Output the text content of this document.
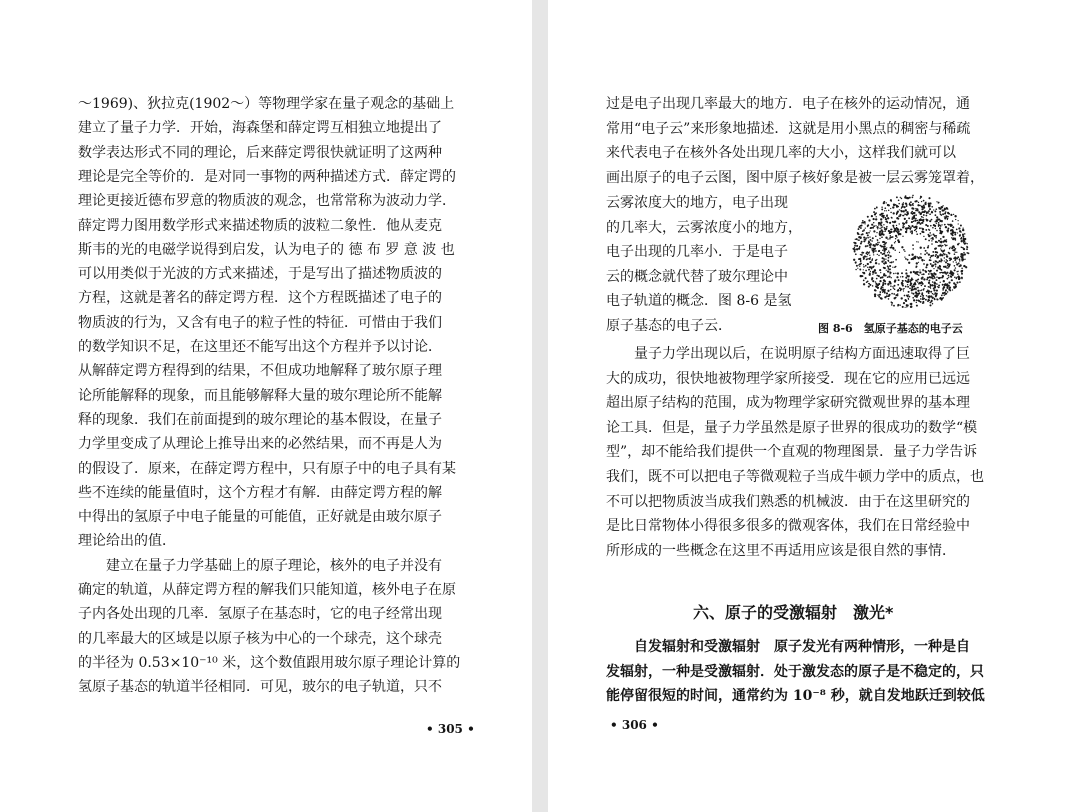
～1969)、狄拉克(1902～）等物理学家在量子观念的基础上
建立了量子力学．开始，海森堡和薛定谔互相独立地提出了
数学表达形式不同的理论，后来薛定谔很快就证明了这两种
理论是完全等价的．是对同一事物的两种描述方式．薛定谔的
理论更接近德布罗意的物质波的观念，也常常称为波动力学．
薛定谔力图用数学形式来描述物质的波粒二象性．他从麦克
斯韦的光的电磁学说得到启发，认为电子的 德 布 罗 意 波 也
可以用类似于光波的方式来描述，于是写出了描述物质波的
方程，这就是著名的薛定谔方程．这个方程既描述了电子的
物质波的行为，又含有电子的粒子性的特征．可惜由于我们
的数学知识不足，在这里还不能写出这个方程并予以讨论．
从解薛定谔方程得到的结果，不但成功地解释了玻尔原子理
论所能解释的现象，而且能够解释大量的玻尔理论所不能解
释的现象．我们在前面提到的玻尔理论的基本假设，在量子
力学里变成了从理论上推导出来的必然结果，而不再是人为
的假设了．原来，在薛定谔方程中，只有原子中的电子具有某
些不连续的能量值时，这个方程才有解．由薛定谔方程的解
中得出的氢原子中电子能量的可能值，正好就是由玻尔原子
理论给出的值．
建立在量子力学基础上的原子理论，核外的电子并没有
确定的轨道，从薛定谔方程的解我们只能知道，核外电子在原
子内各处出现的几率．氢原子在基态时，它的电子经常出现
的几率最大的区域是以原子核为中心的一个球壳，这个球壳
的半径为 0.53×10⁻¹⁰ 米，这个数值跟用玻尔原子理论计算的
氢原子基态的轨道半径相同．可见，玻尔的电子轨道，只不
• 305 •
过是电子出现几率最大的地方．电子在核外的运动情况，通
常用“电子云”来形象地描述．这就是用小黑点的稠密与稀疏
来代表电子在核外各处出现几率的大小，这样我们就可以
画出原子的电子云图，图中原子核好象是被一层云雾笼罩着，
云雾浓度大的地方，电子出现
的几率大，云雾浓度小的地方，
电子出现的几率小．于是电子
云的概念就代替了玻尔理论中
电子轨道的概念．图 8-6 是氢
原子基态的电子云．	图 8-6　氢原子基态的电子云
量子力学出现以后，在说明原子结构方面迅速取得了巨
大的成功，很快地被物理学家所接受．现在它的应用已远远
超出原子结构的范围，成为物理学家研究微观世界的基本理
论工具．但是，量子力学虽然是原子世界的很成功的数学“模
型”，却不能给我们提供一个直观的物理图景．量子力学告诉
我们，既不可以把电子等微观粒子当成牛顿力学中的质点，也
不可以把物质波当成我们熟悉的机械波．由于在这里研究的
是比日常物体小得很多很多的微观客体，我们在日常经验中
所形成的一些概念在这里不再适用应该是很自然的事情．
六、原子的受激辐射　激光*
自发辐射和受激辐射　原子发光有两种情形，一种是自
发辐射，一种是受激辐射．处于激发态的原子是不稳定的，只
能停留很短的时间，通常约为 10⁻⁸ 秒，就自发地跃迁到较低
• 306 •
